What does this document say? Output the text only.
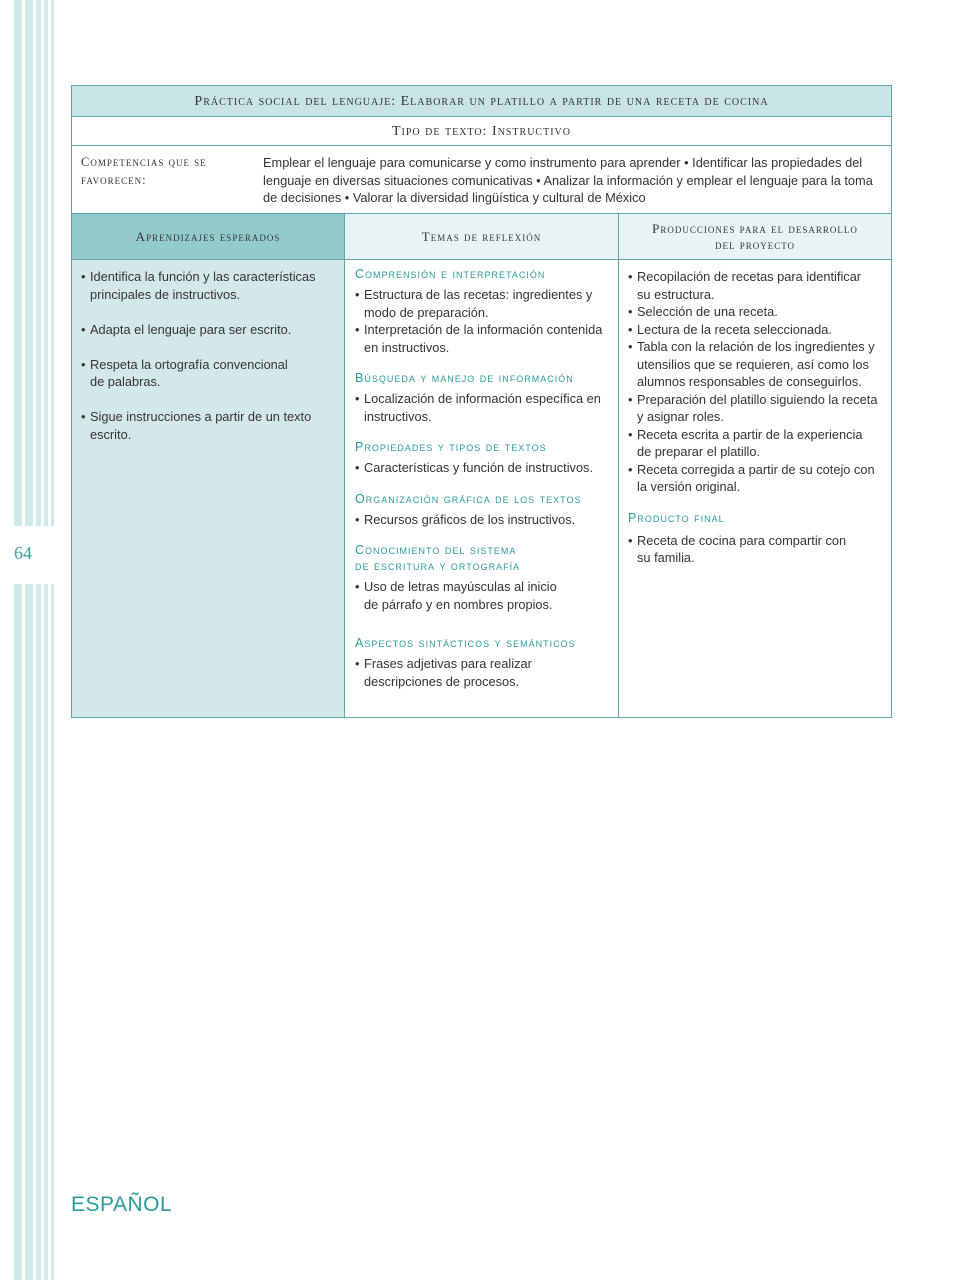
64
Práctica social del lenguaje: Elaborar un platillo a partir de una receta de cocina
Tipo de texto: Instructivo
Competencias que se favorecen:
Emplear el lenguaje para comunicarse y como instrumento para aprender • Identificar las propiedades del lenguaje en diversas situaciones comunicativas • Analizar la información y emplear el lenguaje para la toma de decisiones • Valorar la diversidad lingüística y cultural de México
Aprendizajes esperados	Temas de reflexión
Producciones para el desarrollo del proyecto

• Identifica la función y las características principales de instructivos.

• Adapta el lenguaje para ser escrito.

• Respeta la ortografía convencional de palabras.

• Sigue instrucciones a partir de un texto escrito.

Comprensión e interpretación

• Estructura de las recetas: ingredientes y modo de preparación.

• Interpretación de la información contenida en instructivos.

Búsqueda y manejo de información

• Localización de información específica en instructivos.

Propiedades y tipos de textos

• Características y función de instructivos.

Organización gráfica de los textos

• Recursos gráficos de los instructivos.

Conocimiento del sistema de escritura y ortografía

• Uso de letras mayúsculas al inicio de párrafo y en nombres propios.

Aspectos sintácticos y semánticos

• Frases adjetivas para realizar descripciones de procesos.

• Recopilación de recetas para identificar su estructura.

• Selección de una receta.

• Lectura de la receta seleccionada.

• Tabla con la relación de los ingredientes y utensilios que se requieren, así como los alumnos responsables de conseguirlos.

• Preparación del platillo siguiendo la receta y asignar roles.

• Receta escrita a partir de la experiencia de preparar el platillo.

• Receta corregida a partir de su cotejo con la versión original.

Producto final

• Receta de cocina para compartir con su familia.

ESPAÑOL
